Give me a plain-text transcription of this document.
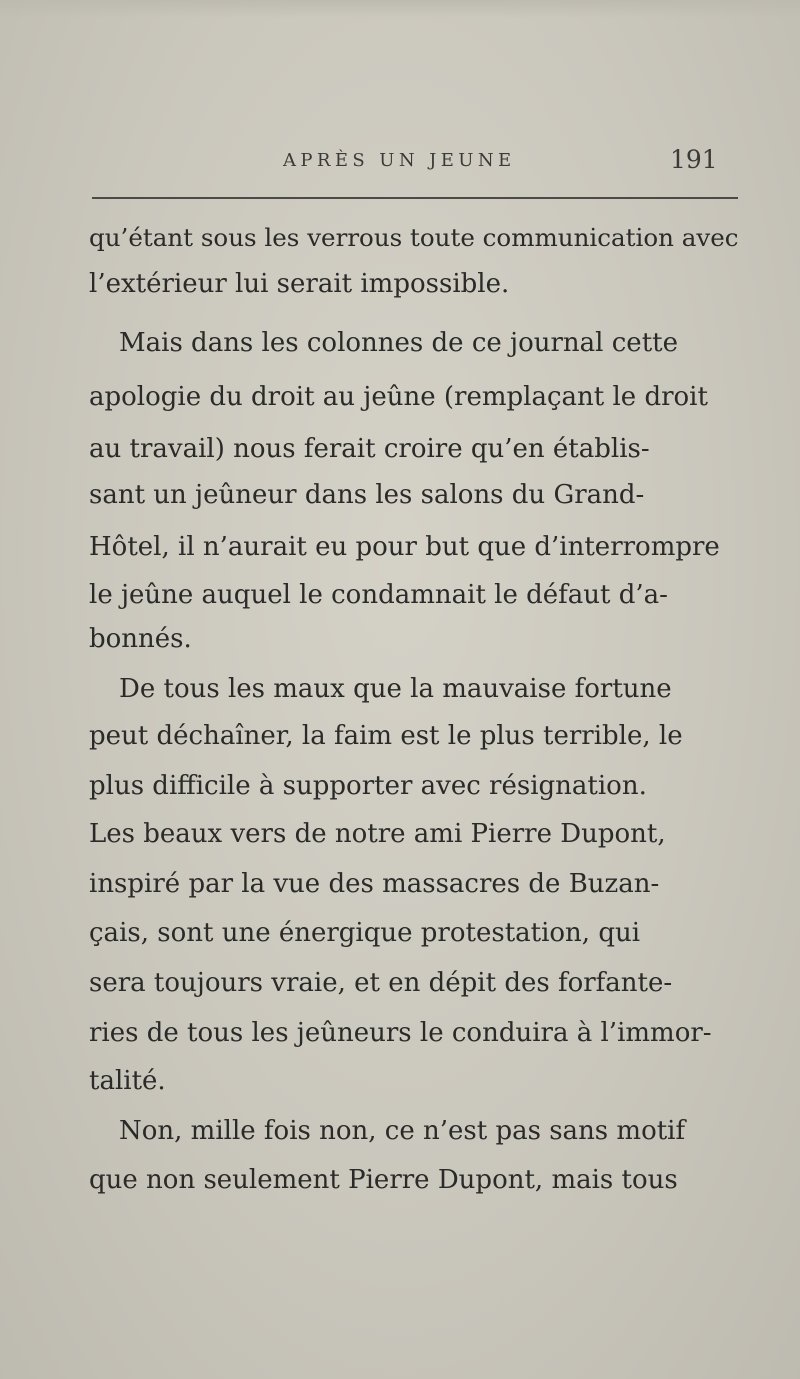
APRÈS UN JEUNE	191
qu’étant sous les verrous toute communication avec
l’extérieur lui serait impossible.
Mais dans les colonnes de ce journal cette
apologie du droit au jeûne (remplaçant le droit
au travail) nous ferait croire qu’en établis-
sant un jeûneur dans les salons du Grand-
Hôtel, il n’aurait eu pour but que d’interrompre
le jeûne auquel le condamnait le défaut d’a-
bonnés.
De tous les maux que la mauvaise fortune
peut déchaîner, la faim est le plus terrible, le
plus difficile à supporter avec résignation.
Les beaux vers de notre ami Pierre Dupont,
inspiré par la vue des massacres de Buzan-
çais, sont une énergique protestation, qui
sera toujours vraie, et en dépit des forfante-
ries de tous les jeûneurs le conduira à l’immor-
talité.
Non, mille fois non, ce n’est pas sans motif
que non seulement Pierre Dupont, mais tous
